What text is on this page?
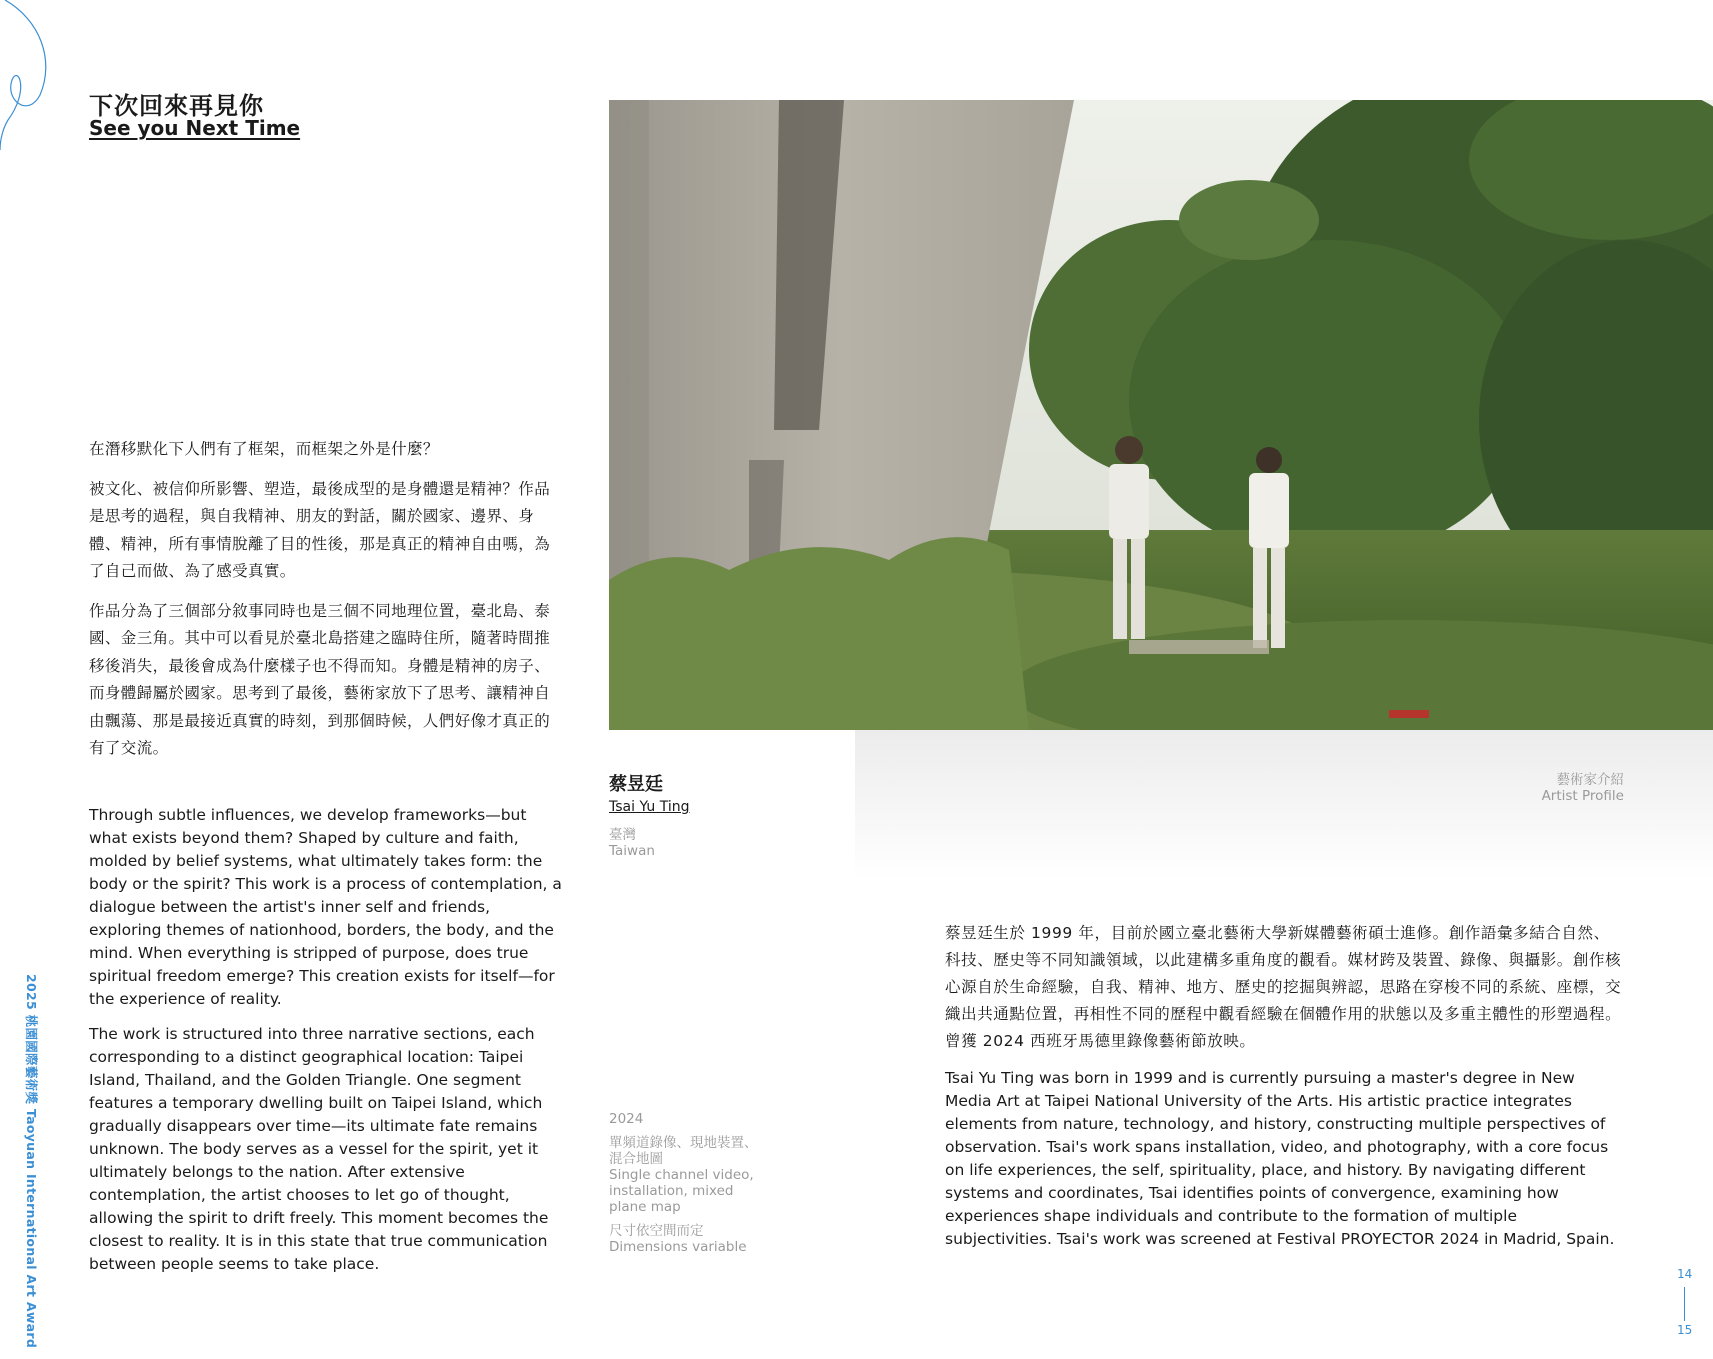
下次回來再見你
See you Next Time

在潛移默化下人們有了框架，而框架之外是什麼？

被文化、被信仰所影響、塑造，最後成型的是身體還是精神？作品是思考的過程，與自我精神、朋友的對話，關於國家、邊界、身體、精神，所有事情脫離了目的性後，那是真正的精神自由嗎，為了自己而做、為了感受真實。

作品分為了三個部分敘事同時也是三個不同地理位置，臺北島、泰國、金三角。其中可以看見於臺北島搭建之臨時住所，隨著時間推移後消失，最後會成為什麼樣子也不得而知。身體是精神的房子、而身體歸屬於國家。思考到了最後，藝術家放下了思考、讓精神自由飄蕩、那是最接近真實的時刻，到那個時候，人們好像才真正的有了交流。

Through subtle influences, we develop frameworks—but what exists beyond them? Shaped by culture and faith, molded by belief systems, what ultimately takes form: the body or the spirit? This work is a process of contemplation, a dialogue between the artist's inner self and friends, exploring themes of nationhood, borders, the body, and the mind. When everything is stripped of purpose, does true spiritual freedom emerge? This creation exists for itself—for the experience of reality.

The work is structured into three narrative sections, each corresponding to a distinct geographical location: Taipei Island, Thailand, and the Golden Triangle. One segment features a temporary dwelling built on Taipei Island, which gradually disappears over time—its ultimate fate remains unknown. The body serves as a vessel for the spirit, yet it ultimately belongs to the nation. After extensive contemplation, the artist chooses to let go of thought, allowing the spirit to drift freely. This moment becomes the closest to reality. It is in this state that true communication between people seems to take place.

蔡昱廷
Tsai Yu Ting
臺灣
Taiwan
藝術家介紹
Artist Profile
2024
單頻道錄像、現地裝置、
混合地圖
Single channel video,
installation, mixed
plane map
尺寸依空間而定
Dimensions variable

蔡昱廷生於 1999 年，目前於國立臺北藝術大學新媒體藝術碩士進修。創作語彙多結合自然、科技、歷史等不同知識領域，以此建構多重角度的觀看。媒材跨及裝置、錄像、與攝影。創作核心源自於生命經驗，自我、精神、地方、歷史的挖掘與辨認，思路在穿梭不同的系統、座標，交織出共通點位置，再相性不同的歷程中觀看經驗在個體作用的狀態以及多重主體性的形塑過程。曾獲 2024 西班牙馬德里錄像藝術節放映。

Tsai Yu Ting was born in 1999 and is currently pursuing a master's degree in New Media Art at Taipei National University of the Arts. His artistic practice integrates elements from nature, technology, and history, constructing multiple perspectives of observation. Tsai's work spans installation, video, and photography, with a core focus on life experiences, the self, spirituality, place, and history. By navigating different systems and coordinates, Tsai identifies points of convergence, examining how experiences shape individuals and contribute to the formation of multiple subjectivities. Tsai's work was screened at Festival PROYECTOR 2024 in Madrid, Spain.

2025 桃園國際藝術獎 Taoyuan International Art Award	14
15
